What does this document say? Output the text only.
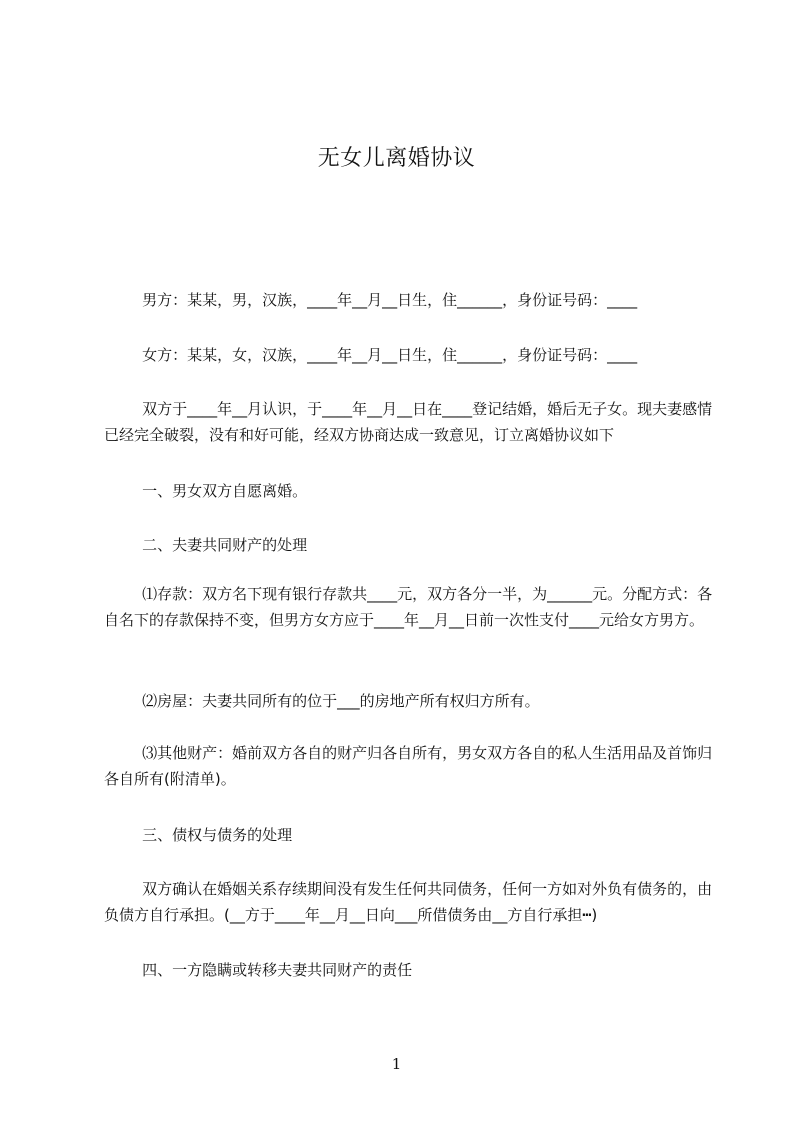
无女儿离婚协议

男方：某某，男，汉族，____年__月__日生，住______，身份证号码：____

女方：某某，女，汉族，____年__月__日生，住______，身份证号码：____

双方于____年__月认识，于____年__月__日在____登记结婚，婚后无子女。现夫妻感情已经完全破裂，没有和好可能，经双方协商达成一致意见，订立离婚协议如下

一、男女双方自愿离婚。

二、夫妻共同财产的处理

⑴存款：双方名下现有银行存款共____元，双方各分一半，为______元。分配方式：各自名下的存款保持不变，但男方女方应于____年__月__日前一次性支付____元给女方男方。

⑵房屋：夫妻共同所有的位于___的房地产所有权归方所有。

⑶其他财产：婚前双方各自的财产归各自所有，男女双方各自的私人生活用品及首饰归各自所有(附清单)。

三、债权与债务的处理

双方确认在婚姻关系存续期间没有发生任何共同债务，任何一方如对外负有债务的，由负债方自行承担。(__方于____年__月__日向___所借债务由__方自行承担┅)

四、一方隐瞒或转移夫妻共同财产的责任

1
